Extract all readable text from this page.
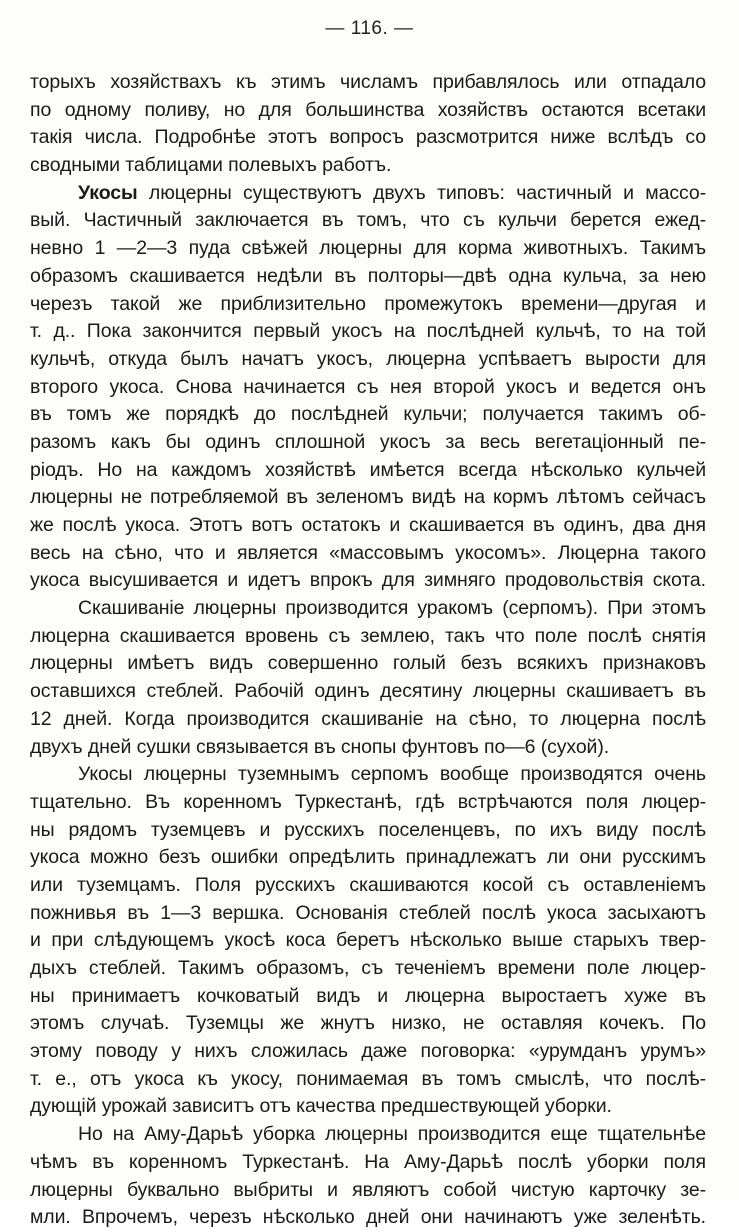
— 116. —
торыхъ хозяйствахъ къ этимъ числамъ прибавлялось или отпадало
по одному поливу, но для большинства хозяйствъ остаются всетаки
такія числа. Подробнѣе этотъ вопросъ разсмотрится ниже вслѣдъ со
сводными таблицами полевыхъ работъ.
Укосы люцерны существуютъ двухъ типовъ: частичный и массо-
вый. Частичный заключается въ томъ, что съ кульчи берется ежед-
невно 1 —2—3 пуда свѣжей люцерны для корма животныхъ. Такимъ
образомъ скашивается недѣли въ полторы—двѣ одна кульча, за нею
черезъ такой же приблизительно промежутокъ времени—другая и
т. д.. Пока закончится первый укосъ на послѣдней кульчѣ, то на той
кульчѣ, откуда былъ начатъ укосъ, люцерна успѣваетъ вырости для
второго укоса. Снова начинается съ нея второй укосъ и ведется онъ
въ томъ же порядкѣ до послѣдней кульчи; получается такимъ об-
разомъ какъ бы одинъ сплошной укосъ за весь вегетаціонный пе-
ріодъ. Но на каждомъ хозяйствѣ имѣется всегда нѣсколько кульчей
люцерны не потребляемой въ зеленомъ видѣ на кормъ лѣтомъ сейчасъ
же послѣ укоса. Этотъ вотъ остатокъ и скашивается въ одинъ, два дня
весь на сѣно, что и является «массовымъ укосомъ». Люцерна такого
укоса высушивается и идетъ впрокъ для зимняго продовольствія скота.
Скашиваніе люцерны производится уракомъ (серпомъ). При этомъ
люцерна скашивается вровень съ землею, такъ что поле послѣ снятія
люцерны имѣетъ видъ совершенно голый безъ всякихъ признаковъ
оставшихся стеблей. Рабочій одинъ десятину люцерны скашиваетъ въ
12 дней. Когда производится скашиваніе на сѣно, то люцерна послѣ
двухъ дней сушки связывается въ снопы фунтовъ по—6 (сухой).
Укосы люцерны туземнымъ серпомъ вообще производятся очень
тщательно. Въ коренномъ Туркестанѣ, гдѣ встрѣчаются поля люцер-
ны рядомъ туземцевъ и русскихъ поселенцевъ, по ихъ виду послѣ
укоса можно безъ ошибки опредѣлить принадлежатъ ли они русскимъ
или туземцамъ. Поля русскихъ скашиваются косой съ оставленіемъ
пожнивья въ 1—3 вершка. Основанія стеблей послѣ укоса засыхаютъ
и при слѣдующемъ укосѣ коса беретъ нѣсколько выше старыхъ твер-
дыхъ стеблей. Такимъ образомъ, съ теченіемъ времени поле люцер-
ны принимаетъ кочковатый видъ и люцерна выростаетъ хуже въ
этомъ случаѣ. Туземцы же жнутъ низко, не оставляя кочекъ. По
этому поводу у нихъ сложилась даже поговорка: «урумданъ урумъ»
т. е., отъ укоса къ укосу, понимаемая въ томъ смыслѣ, что послѣ-
дующій урожай зависитъ отъ качества предшествующей уборки.
Но на Аму-Дарьѣ уборка люцерны производится еще тщательнѣе
чѣмъ въ коренномъ Туркестанѣ. На Аму-Дарьѣ послѣ уборки поля
люцерны буквально выбриты и являютъ собой чистую карточку зе-
мли. Впрочемъ, черезъ нѣсколько дней они начинаютъ уже зеленѣть.
